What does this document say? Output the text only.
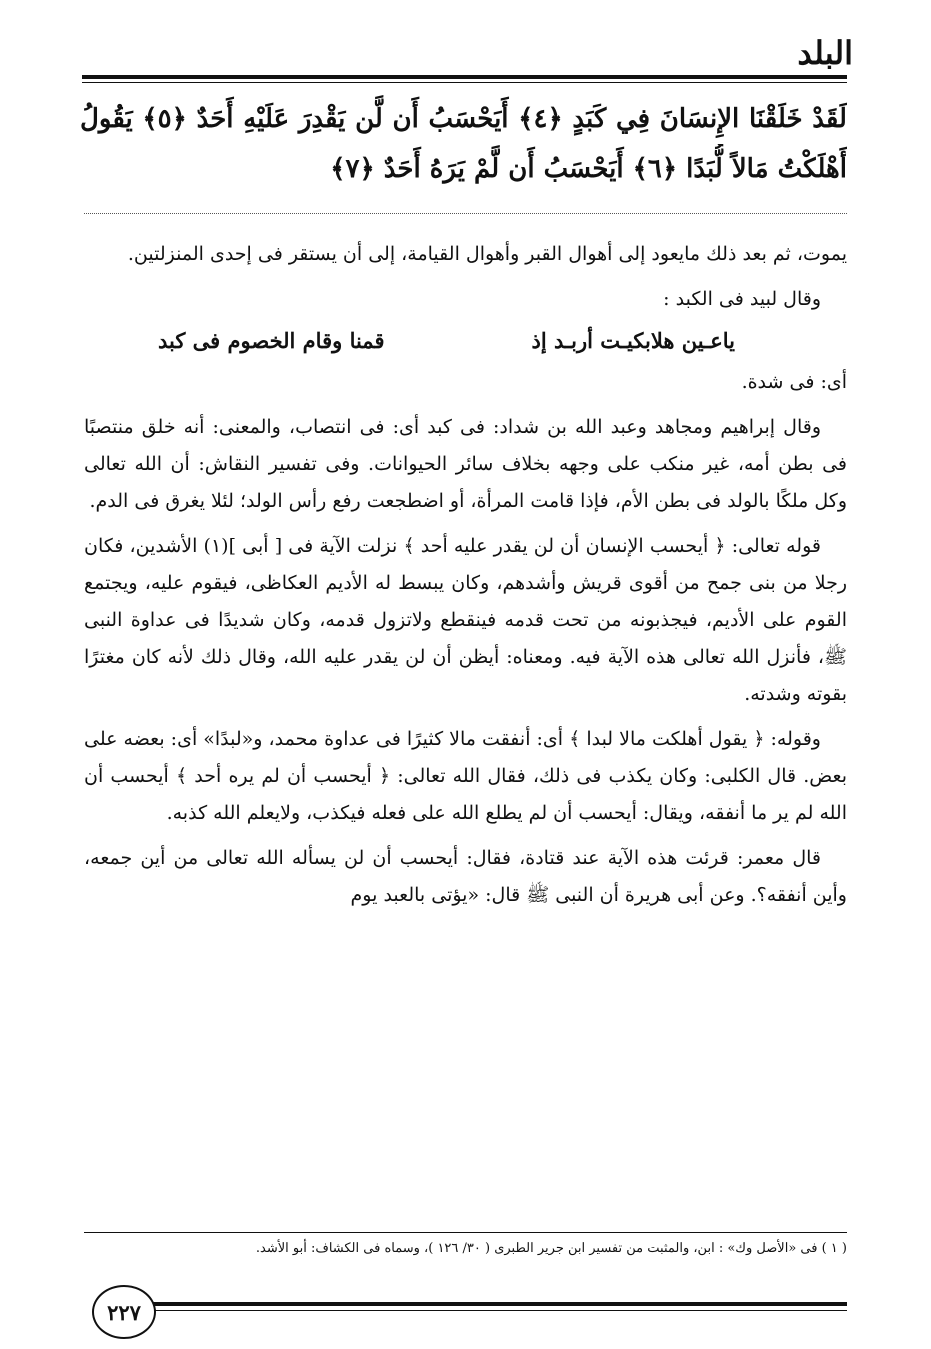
البلد
لَقَدْ خَلَقْنَا الإِنسَانَ فِي كَبَدٍ ﴿٤﴾ أَيَحْسَبُ أَن لَّن يَقْدِرَ عَلَيْهِ أَحَدٌ ﴿٥﴾ يَقُولُ
أَهْلَكْتُ مَالاً لُّبَدًا ﴿٦﴾ أَيَحْسَبُ أَن لَّمْ يَرَهُ أَحَدٌ ﴿٧﴾

يموت، ثم بعد ذلك مايعود إلى أهوال القبر وأهوال القيامة، إلى أن يستقر فى إحدى المنزلتين.

وقال لبيد فى الكبد :

ياعـين هلابكيـت أربـد إذ
قمنا وقام الخصوم فى كبد

أى: فى شدة.

وقال إبراهيم ومجاهد وعبد الله بن شداد: فى كبد أى: فى انتصاب، والمعنى: أنه خلق منتصبًا فى بطن أمه، غير منكب على وجهه بخلاف سائر الحيوانات. وفى تفسير النقاش: أن الله تعالى وكل ملكًا بالولد فى بطن الأم، فإذا قامت المرأة، أو اضطجعت رفع رأس الولد؛ لئلا يغرق فى الدم.

قوله تعالى: ﴿ أيحسب الإنسان أن لن يقدر عليه أحد ﴾ نزلت الآية فى [ أبى ](١) الأشدين، فكان رجلا من بنى جمح من أقوى قريش وأشدهم، وكان يبسط له الأديم العكاظى، فيقوم عليه، ويجتمع القوم على الأديم، فيجذبونه من تحت قدمه فينقطع ولاتزول قدمه، وكان شديدًا فى عداوة النبى ﷺ، فأنزل الله تعالى هذه الآية فيه. ومعناه: أيظن أن لن يقدر عليه الله، وقال ذلك لأنه كان مغترًا بقوته وشدته.

وقوله: ﴿ يقول أهلكت مالا لبدا ﴾ أى: أنفقت مالا كثيرًا فى عداوة محمد، و«لبدًا» أى: بعضه على بعض. قال الكلبى: وكان يكذب فى ذلك، فقال الله تعالى: ﴿ أيحسب أن لم يره أحد ﴾ أيحسب أن الله لم ير ما أنفقه، ويقال: أيحسب أن لم يطلع الله على فعله فيكذب، ولايعلم الله كذبه.

قال معمر: قرئت هذه الآية عند قتادة، فقال: أيحسب أن لن يسأله الله تعالى من أين جمعه، وأين أنفقه؟. وعن أبى هريرة أن النبى ﷺ قال: «يؤتى بالعبد يوم

( ١ ) فى «الأصل وك» : ابن، والمثبت من تفسير ابن جرير الطبرى ( ٣٠/ ١٢٦ )، وسماه فى الكشاف: أبو الأشد.
٢٢٧
